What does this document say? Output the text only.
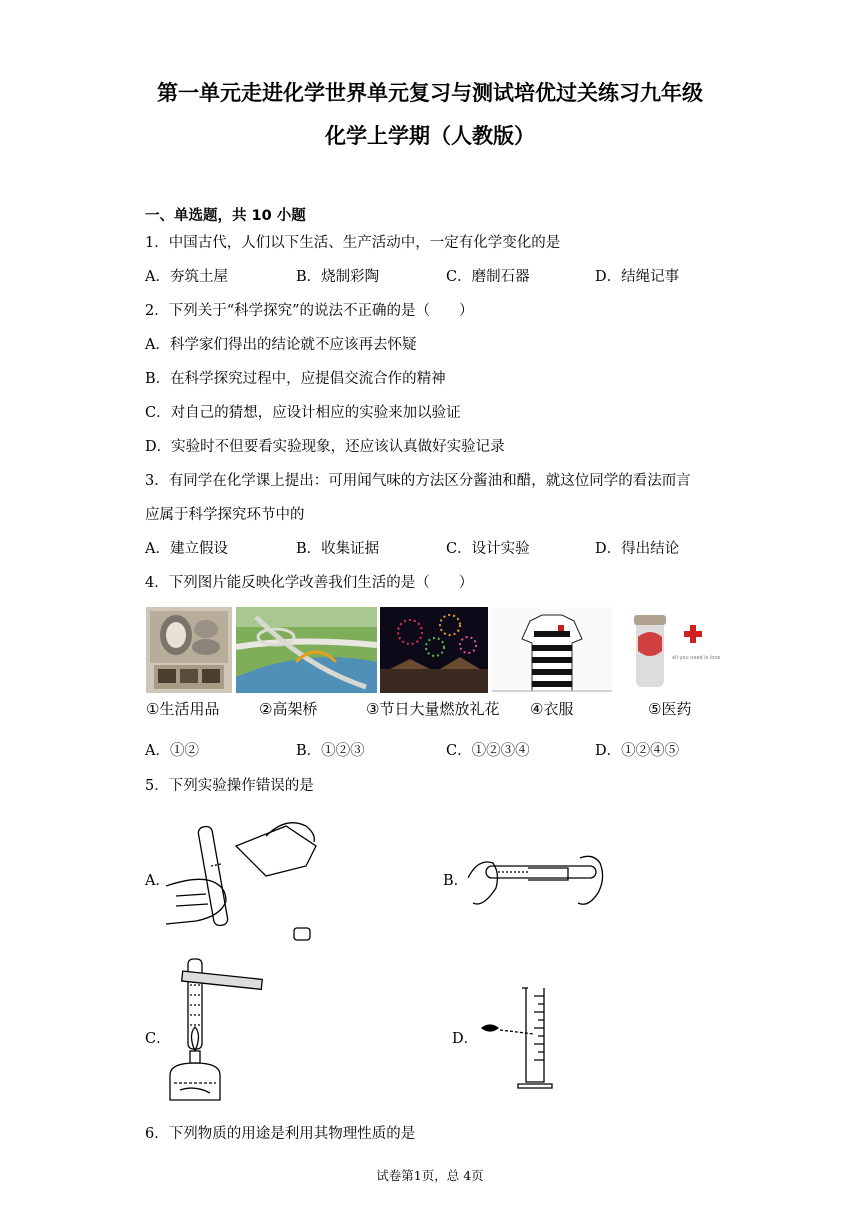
第一单元走进化学世界单元复习与测试培优过关练习九年级
化学上学期（人教版）
一、单选题，共 10 小题
1．中国古代，人们以下生活、生产活动中，一定有化学变化的是
A．夯筑土屋	B．烧制彩陶	C．磨制石器	D．结绳记事
2．下列关于“科学探究”的说法不正确的是（　　）
A．科学家们得出的结论就不应该再去怀疑
B．在科学探究过程中，应提倡交流合作的精神
C．对自己的猜想，应设计相应的实验来加以验证
D．实验时不但要看实验现象，还应该认真做好实验记录
3．有同学在化学课上提出：可用闻气味的方法区分酱油和醋，就这位同学的看法而言
应属于科学探究环节中的
A．建立假设	B．收集证据	C．设计实验	D．得出结论
4．下列图片能反映化学改善我们生活的是（　　）
all you need is love
①生活用品	②高架桥	③节日大量燃放礼花 ④衣服	⑤医药
A．①②	B．①②③	C．①②③④	D．①②④⑤
5．下列实验操作错误的是
A．	B．
C．	D．
6．下列物质的用途是利用其物理性质的是
试卷第1页，总 4页
